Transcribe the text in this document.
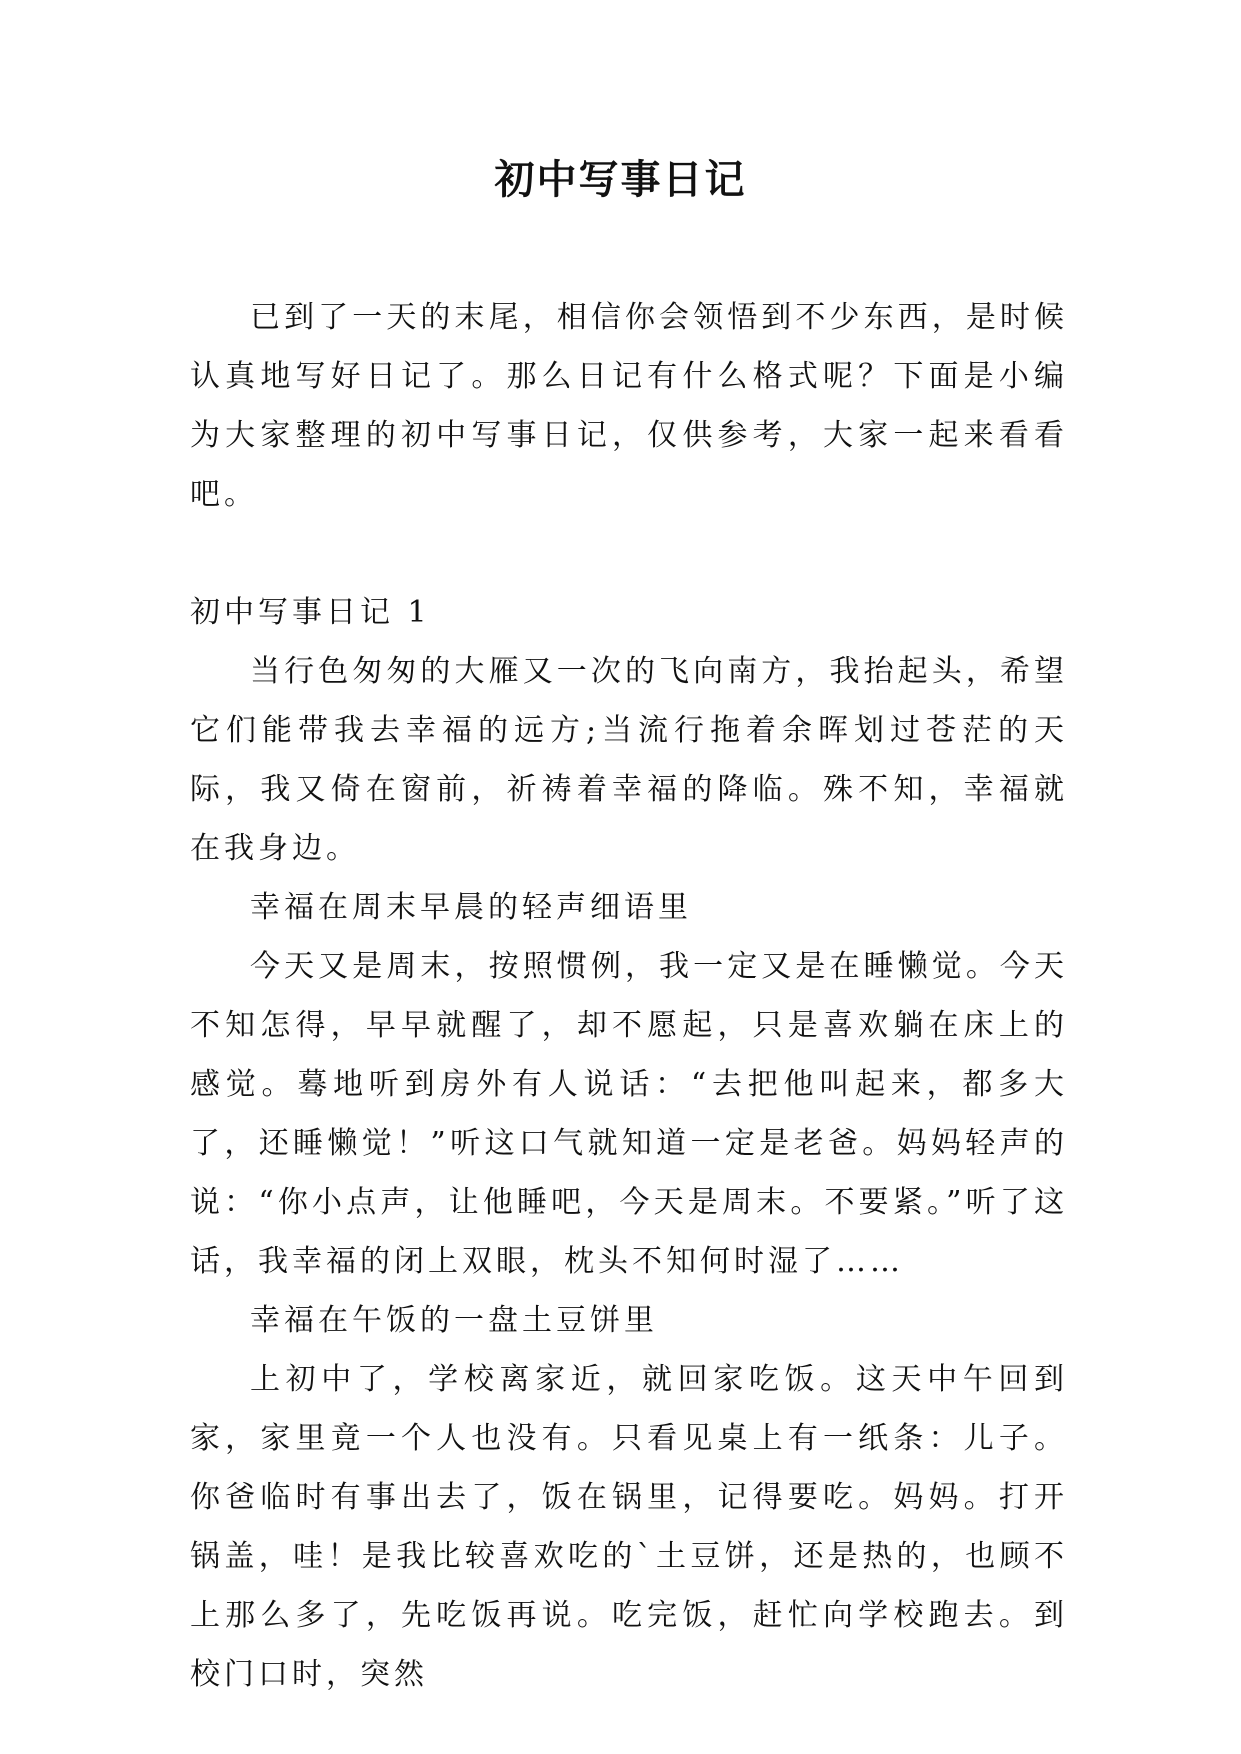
初中写事日记

已到了一天的末尾，相信你会领悟到不少东西，是时候认真地写好日记了。那么日记有什么格式呢？下面是小编为大家整理的初中写事日记，仅供参考，大家一起来看看吧。

初中写事日记 1

当行色匆匆的大雁又一次的飞向南方，我抬起头，希望它们能带我去幸福的远方;当流行拖着余晖划过苍茫的天际，我又倚在窗前，祈祷着幸福的降临。殊不知，幸福就在我身边。

幸福在周末早晨的轻声细语里

今天又是周末，按照惯例，我一定又是在睡懒觉。今天不知怎得，早早就醒了，却不愿起，只是喜欢躺在床上的感觉。蓦地听到房外有人说话：“去把他叫起来，都多大了，还睡懒觉！”听这口气就知道一定是老爸。妈妈轻声的说：“你小点声，让他睡吧，今天是周末。不要紧。”听了这话，我幸福的闭上双眼，枕头不知何时湿了……

幸福在午饭的一盘土豆饼里

上初中了，学校离家近，就回家吃饭。这天中午回到家，家里竟一个人也没有。只看见桌上有一纸条：儿子。你爸临时有事出去了，饭在锅里，记得要吃。妈妈。打开锅盖，哇！是我比较喜欢吃的`土豆饼，还是热的，也顾不上那么多了，先吃饭再说。吃完饭，赶忙向学校跑去。到校门口时，突然
